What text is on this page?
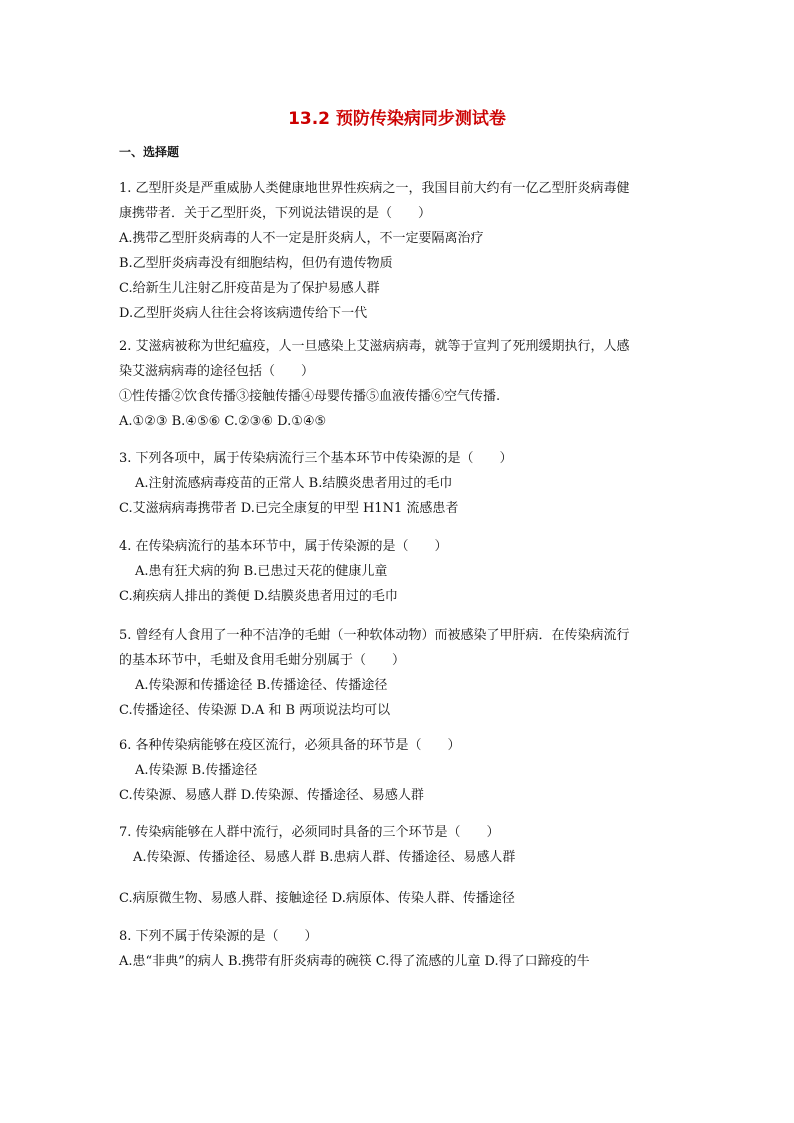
13.2 预防传染病同步测试卷
一、选择题
1. 乙型肝炎是严重威胁人类健康地世界性疾病之一，我国目前大约有一亿乙型肝炎病毒健
康携带者．关于乙型肝炎，下列说法错误的是（　　）
A.携带乙型肝炎病毒的人不一定是肝炎病人，不一定要隔离治疗
B.乙型肝炎病毒没有细胞结构，但仍有遗传物质
C.给新生儿注射乙肝疫苗是为了保护易感人群
D.乙型肝炎病人往往会将该病遗传给下一代
2. 艾滋病被称为世纪瘟疫，人一旦感染上艾滋病病毒，就等于宣判了死刑缓期执行，人感
染艾滋病病毒的途径包括（　　）
①性传播②饮食传播③接触传播④母婴传播⑤血液传播⑥空气传播.
A.①②③ B.④⑤⑥ C.②③⑥ D.①④⑤
3. 下列各项中，属于传染病流行三个基本环节中传染源的是（　　）
A.注射流感病毒疫苗的正常人 B.结膜炎患者用过的毛巾
C.艾滋病病毒携带者 D.已完全康复的甲型 H1N1 流感患者
4. 在传染病流行的基本环节中，属于传染源的是（　　）
A.患有狂犬病的狗 B.已患过天花的健康儿童
C.痢疾病人排出的粪便 D.结膜炎患者用过的毛巾
5. 曾经有人食用了一种不洁净的毛蚶（一种软体动物）而被感染了甲肝病．在传染病流行
的基本环节中，毛蚶及食用毛蚶分别属于（　　）
A.传染源和传播途径 B.传播途径、传播途径
C.传播途径、传染源 D.A 和 B 两项说法均可以
6. 各种传染病能够在疫区流行，必须具备的环节是（　　）
A.传染源 B.传播途径
C.传染源、易感人群 D.传染源、传播途径、易感人群
7. 传染病能够在人群中流行，必须同时具备的三个环节是（　　）
A.传染源、传播途径、易感人群 B.患病人群、传播途径、易感人群
C.病原微生物、易感人群、接触途径 D.病原体、传染人群、传播途径
8. 下列不属于传染源的是（　　）
A.患“非典”的病人 B.携带有肝炎病毒的碗筷 C.得了流感的儿童 D.得了口蹄疫的牛
